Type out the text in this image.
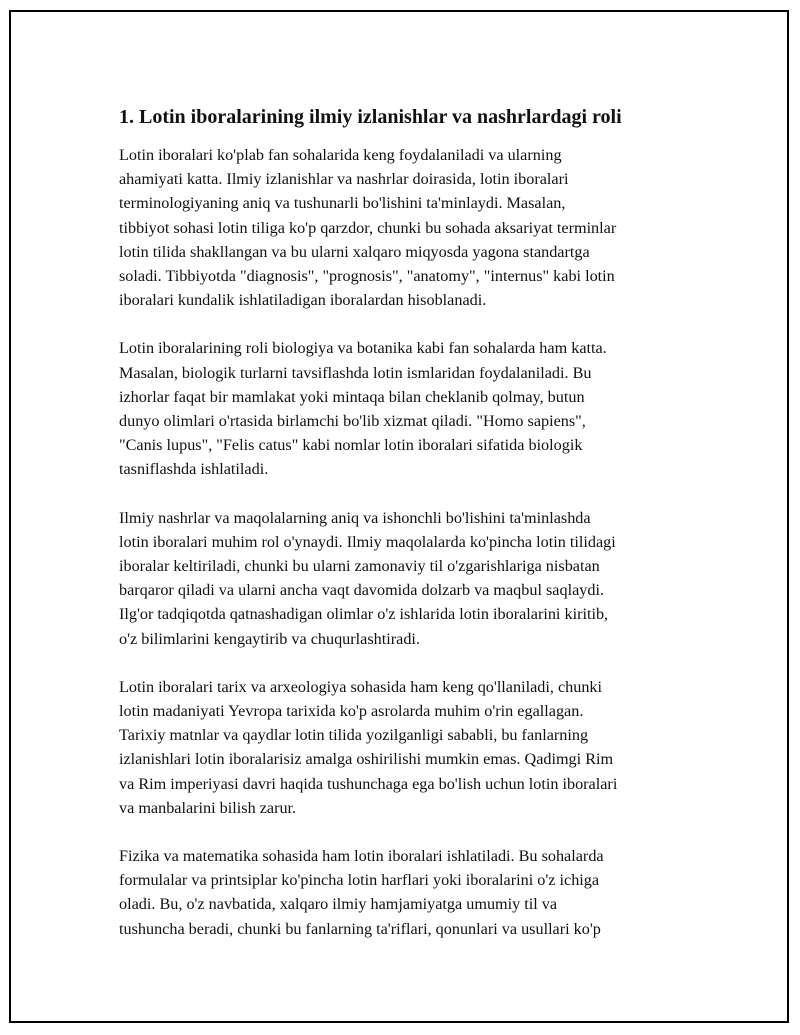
1. Lotin iboralarining ilmiy izlanishlar va nashrlardagi roli

Lotin iboralari ko'plab fan sohalarida keng foydalaniladi va ularning
ahamiyati katta. Ilmiy izlanishlar va nashrlar doirasida, lotin iboralari
terminologiyaning aniq va tushunarli bo'lishini ta'minlaydi. Masalan,
tibbiyot sohasi lotin tiliga ko'p qarzdor, chunki bu sohada aksariyat terminlar
lotin tilida shakllangan va bu ularni xalqaro miqyosda yagona standartga
soladi. Tibbiyotda "diagnosis", "prognosis", "anatomy", "internus" kabi lotin
iboralari kundalik ishlatiladigan iboralardan hisoblanadi.

Lotin iboralarining roli biologiya va botanika kabi fan sohalarda ham katta.
Masalan, biologik turlarni tavsiflashda lotin ismlaridan foydalaniladi. Bu
izhorlar faqat bir mamlakat yoki mintaqa bilan cheklanib qolmay, butun
dunyo olimlari o'rtasida birlamchi bo'lib xizmat qiladi. "Homo sapiens",
"Canis lupus", "Felis catus" kabi nomlar lotin iboralari sifatida biologik
tasniflashda ishlatiladi.

Ilmiy nashrlar va maqolalarning aniq va ishonchli bo'lishini ta'minlashda
lotin iboralari muhim rol o'ynaydi. Ilmiy maqolalarda ko'pincha lotin tilidagi
iboralar keltiriladi, chunki bu ularni zamonaviy til o'zgarishlariga nisbatan
barqaror qiladi va ularni ancha vaqt davomida dolzarb va maqbul saqlaydi.
Ilg'or tadqiqotda qatnashadigan olimlar o'z ishlarida lotin iboralarini kiritib,
o'z bilimlarini kengaytirib va chuqurlashtiradi.

Lotin iboralari tarix va arxeologiya sohasida ham keng qo'llaniladi, chunki
lotin madaniyati Yevropa tarixida ko'p asrolarda muhim o'rin egallagan.
Tarixiy matnlar va qaydlar lotin tilida yozilganligi sababli, bu fanlarning
izlanishlari lotin iboralarisiz amalga oshirilishi mumkin emas. Qadimgi Rim
va Rim imperiyasi davri haqida tushunchaga ega bo'lish uchun lotin iboralari
va manbalarini bilish zarur.

Fizika va matematika sohasida ham lotin iboralari ishlatiladi. Bu sohalarda
formulalar va printsiplar ko'pincha lotin harflari yoki iboralarini o'z ichiga
oladi. Bu, o'z navbatida, xalqaro ilmiy hamjamiyatga umumiy til va
tushuncha beradi, chunki bu fanlarning ta'riflari, qonunlari va usullari ko'p
